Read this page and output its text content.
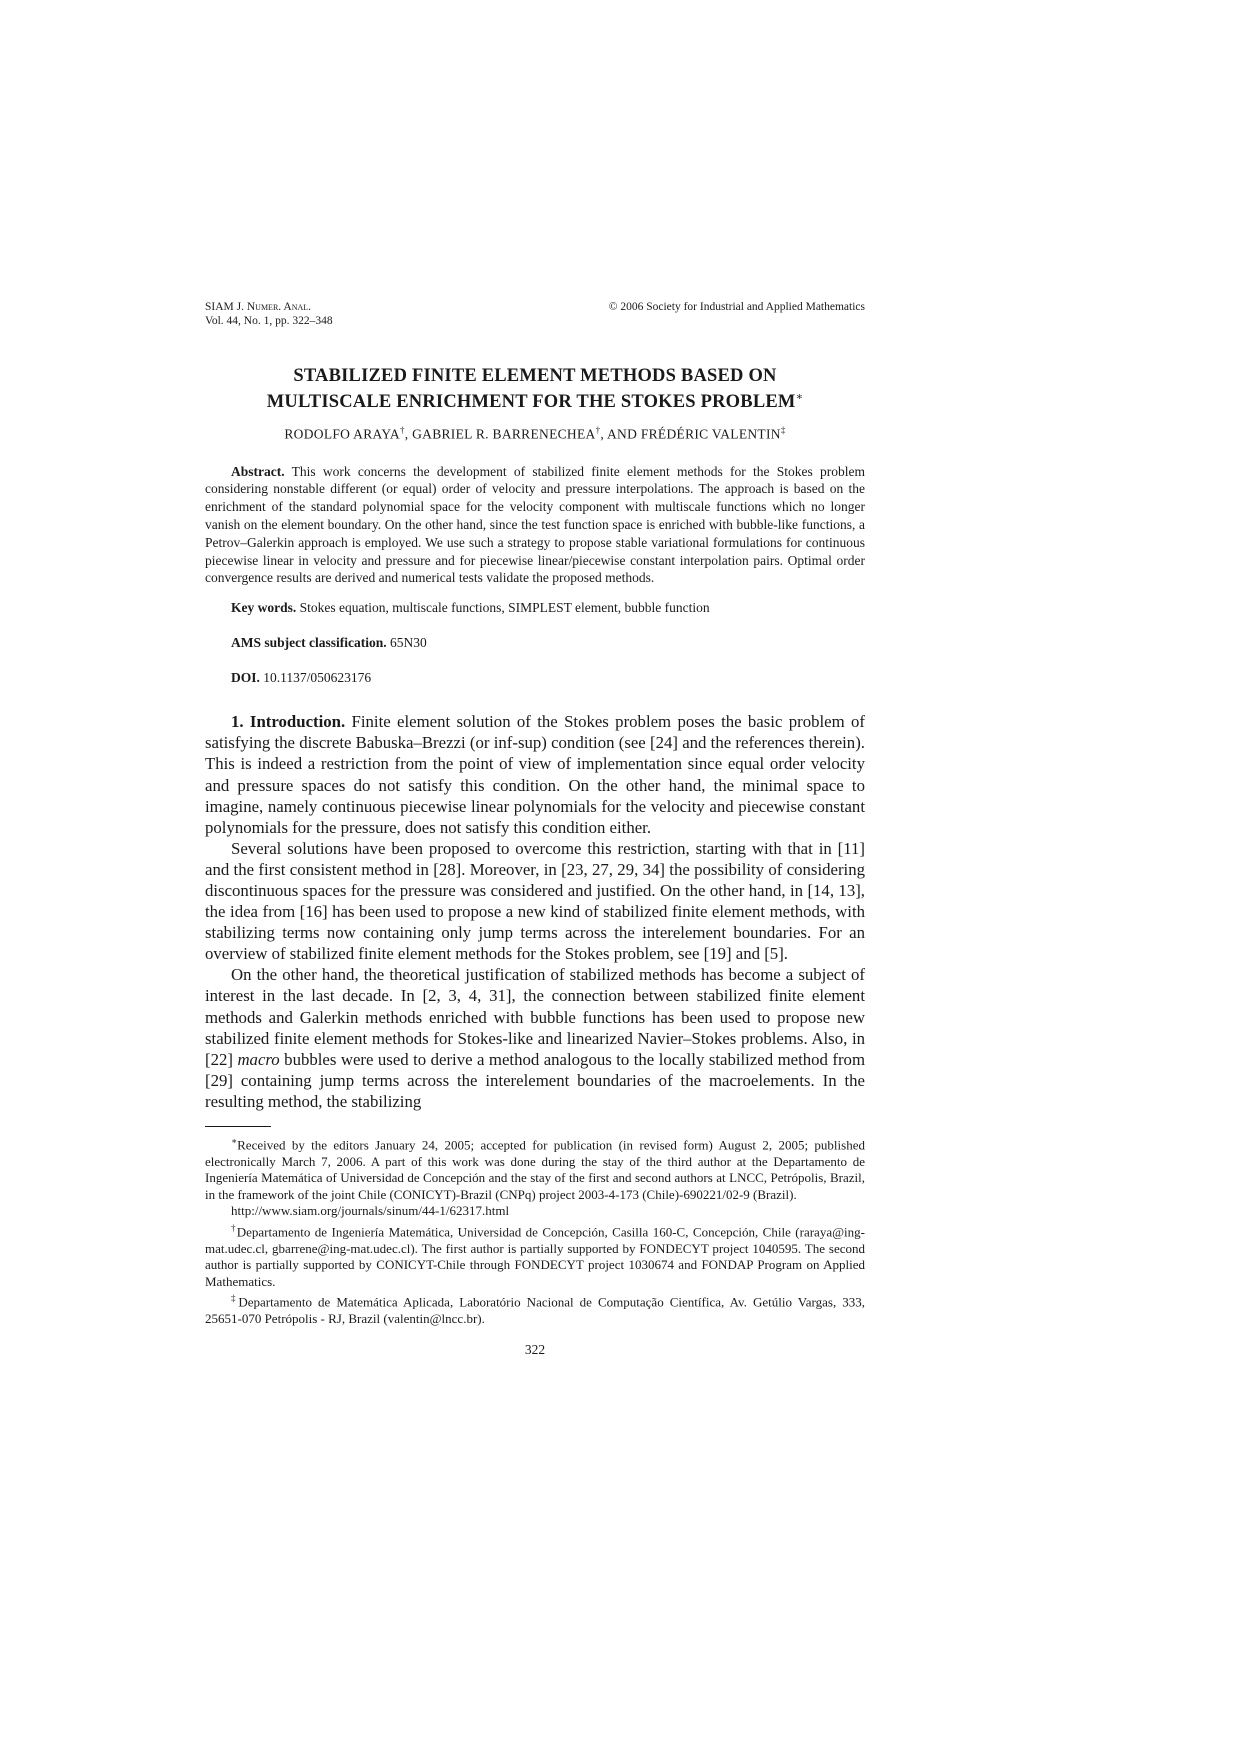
SIAM J. Numer. Anal.
Vol. 44, No. 1, pp. 322–348
© 2006 Society for Industrial and Applied Mathematics
STABILIZED FINITE ELEMENT METHODS BASED ON
MULTISCALE ENRICHMENT FOR THE STOKES PROBLEM∗
RODOLFO ARAYA†, GABRIEL R. BARRENECHEA†, AND FRÉDÉRIC VALENTIN‡

Abstract. This work concerns the development of stabilized finite element methods for the Stokes problem considering nonstable different (or equal) order of velocity and pressure interpolations. The approach is based on the enrichment of the standard polynomial space for the velocity component with multiscale functions which no longer vanish on the element boundary. On the other hand, since the test function space is enriched with bubble-like functions, a Petrov–Galerkin approach is employed. We use such a strategy to propose stable variational formulations for continuous piecewise linear in velocity and pressure and for piecewise linear/piecewise constant interpolation pairs. Optimal order convergence results are derived and numerical tests validate the proposed methods.

Key words. Stokes equation, multiscale functions, SIMPLEST element, bubble function
AMS subject classification. 65N30
DOI. 10.1137/050623176

1. Introduction. Finite element solution of the Stokes problem poses the basic problem of satisfying the discrete Babuska–Brezzi (or inf-sup) condition (see [24] and the references therein). This is indeed a restriction from the point of view of implementation since equal order velocity and pressure spaces do not satisfy this condition. On the other hand, the minimal space to imagine, namely continuous piecewise linear polynomials for the velocity and piecewise constant polynomials for the pressure, does not satisfy this condition either.

Several solutions have been proposed to overcome this restriction, starting with that in [11] and the first consistent method in [28]. Moreover, in [23, 27, 29, 34] the possibility of considering discontinuous spaces for the pressure was considered and justified. On the other hand, in [14, 13], the idea from [16] has been used to propose a new kind of stabilized finite element methods, with stabilizing terms now containing only jump terms across the interelement boundaries. For an overview of stabilized finite element methods for the Stokes problem, see [19] and [5].

On the other hand, the theoretical justification of stabilized methods has become a subject of interest in the last decade. In [2, 3, 4, 31], the connection between stabilized finite element methods and Galerkin methods enriched with bubble functions has been used to propose new stabilized finite element methods for Stokes-like and linearized Navier–Stokes problems. Also, in [22] macro bubbles were used to derive a method analogous to the locally stabilized method from [29] containing jump terms across the interelement boundaries of the macroelements. In the resulting method, the stabilizing

∗Received by the editors January 24, 2005; accepted for publication (in revised form) August 2, 2005; published electronically March 7, 2006. A part of this work was done during the stay of the third author at the Departamento de Ingeniería Matemática of Universidad de Concepción and the stay of the first and second authors at LNCC, Petrópolis, Brazil, in the framework of the joint Chile (CONICYT)-Brazil (CNPq) project 2003-4-173 (Chile)-690221/02-9 (Brazil).

http://www.siam.org/journals/sinum/44-1/62317.html

†Departamento de Ingeniería Matemática, Universidad de Concepción, Casilla 160-C, Concepción, Chile (raraya@ing-mat.udec.cl, gbarrene@ing-mat.udec.cl). The first author is partially supported by FONDECYT project 1040595. The second author is partially supported by CONICYT-Chile through FONDECYT project 1030674 and FONDAP Program on Applied Mathematics.

‡Departamento de Matemática Aplicada, Laboratório Nacional de Computação Científica, Av. Getúlio Vargas, 333, 25651-070 Petrópolis - RJ, Brazil (valentin@lncc.br).

322
